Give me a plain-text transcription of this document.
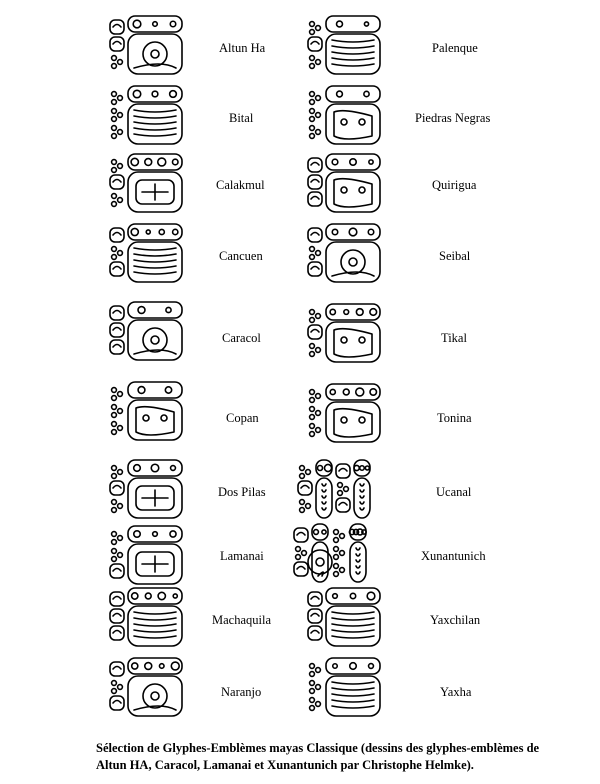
Altun Ha
Bital
Calakmul
Cancuen
Caracol
Copan
Dos Pilas
Lamanai
Machaquila
Naranjo
Palenque
Piedras Negras
Quirigua
Seibal
Tikal
Tonina
Ucanal
Xunantunich
Yaxchilan
Yaxha
Sélection de Glyphes-Emblèmes mayas Classique (dessins des glyphes-emblèmes de
Altun HA, Caracol, Lamanai et Xunantunich par Christophe Helmke).
